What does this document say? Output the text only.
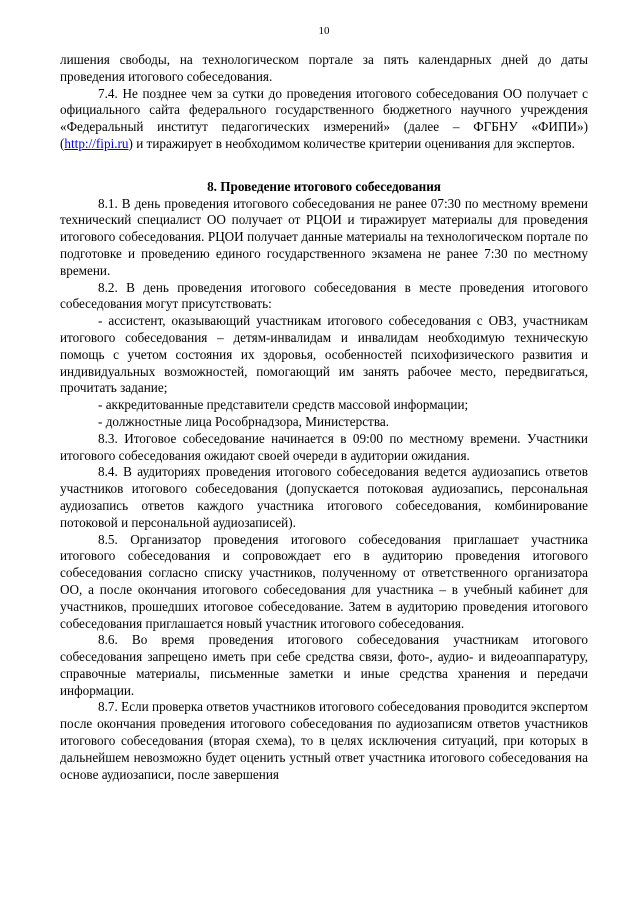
10

лишения свободы, на технологическом портале за пять календарных дней до даты проведения итогового собеседования.

7.4. Не позднее чем за сутки до проведения итогового собеседования ОО получает с официального сайта федерального государственного бюджетного научного учреждения «Федеральный институт педагогических измерений» (далее – ФГБНУ «ФИПИ») (http://fipi.ru) и тиражирует в необходимом количестве критерии оценивания для экспертов.

8. Проведение итогового собеседования

8.1. В день проведения итогового собеседования не ранее 07:30 по местному времени технический специалист ОО получает от РЦОИ и тиражирует материалы для проведения итогового собеседования. РЦОИ получает данные материалы на технологическом портале по подготовке и проведению единого государственного экзамена не ранее 7:30 по местному времени.

8.2. В день проведения итогового собеседования в месте проведения итогового собеседования могут присутствовать:

- ассистент, оказывающий участникам итогового собеседования с ОВЗ, участникам итогового собеседования – детям-инвалидам и инвалидам необходимую техническую помощь с учетом состояния их здоровья, особенностей психофизического развития и индивидуальных возможностей, помогающий им занять рабочее место, передвигаться, прочитать задание;

- аккредитованные представители средств массовой информации;

- должностные лица Рособрнадзора, Министерства.

8.3. Итоговое собеседование начинается в 09:00 по местному времени. Участники итогового собеседования ожидают своей очереди в аудитории ожидания.

8.4. В аудиториях проведения итогового собеседования ведется аудиозапись ответов участников итогового собеседования (допускается потоковая аудиозапись, персональная аудиозапись ответов каждого участника итогового собеседования, комбинирование потоковой и персональной аудиозаписей).

8.5. Организатор проведения итогового собеседования приглашает участника итогового собеседования и сопровождает его в аудиторию проведения итогового собеседования согласно списку участников, полученному от ответственного организатора ОО, а после окончания итогового собеседования для участника – в учебный кабинет для участников, прошедших итоговое собеседование. Затем в аудиторию проведения итогового собеседования приглашается новый участник итогового собеседования.

8.6. Во время проведения итогового собеседования участникам итогового собеседования запрещено иметь при себе средства связи, фото-, аудио- и видеоаппаратуру, справочные материалы, письменные заметки и иные средства хранения и передачи информации.

8.7. Если проверка ответов участников итогового собеседования проводится экспертом после окончания проведения итогового собеседования по аудиозаписям ответов участников итогового собеседования (вторая схема), то в целях исключения ситуаций, при которых в дальнейшем невозможно будет оценить устный ответ участника итогового собеседования на основе аудиозаписи, после завершения
